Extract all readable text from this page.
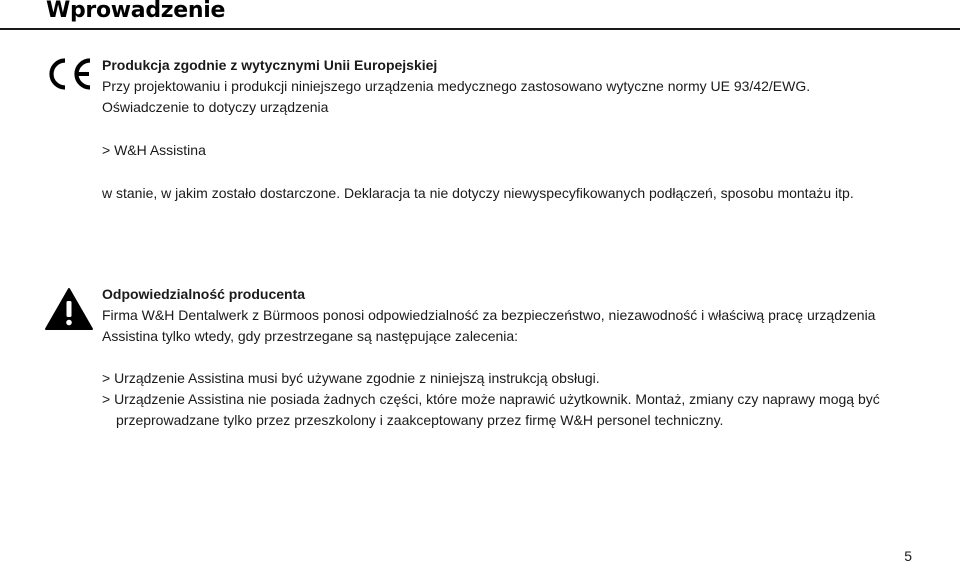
Wprowadzenie
Produkcja zgodnie z wytycznymi Unii Europejskiej
Przy projektowaniu i produkcji niniejszego urządzenia medycznego zastosowano wytyczne normy UE 93/42/EWG.
Oświadczenie to dotyczy urządzenia
> W&H Assistina
w stanie, w jakim zostało dostarczone. Deklaracja ta nie dotyczy niewyspecyfikowanych podłączeń, sposobu montażu itp.
Odpowiedzialność producenta
Firma W&H Dentalwerk z Bürmoos ponosi odpowiedzialność za bezpieczeństwo, niezawodność i właściwą pracę urządzenia
Assistina tylko wtedy, gdy przestrzegane są następujące zalecenia:
> Urządzenie Assistina musi być używane zgodnie z niniejszą instrukcją obsługi.
> Urządzenie Assistina nie posiada żadnych części, które może naprawić użytkownik. Montaż, zmiany czy naprawy mogą być przeprowadzane tylko przez przeszkolony i zaakceptowany przez firmę W&H personel techniczny.
5
